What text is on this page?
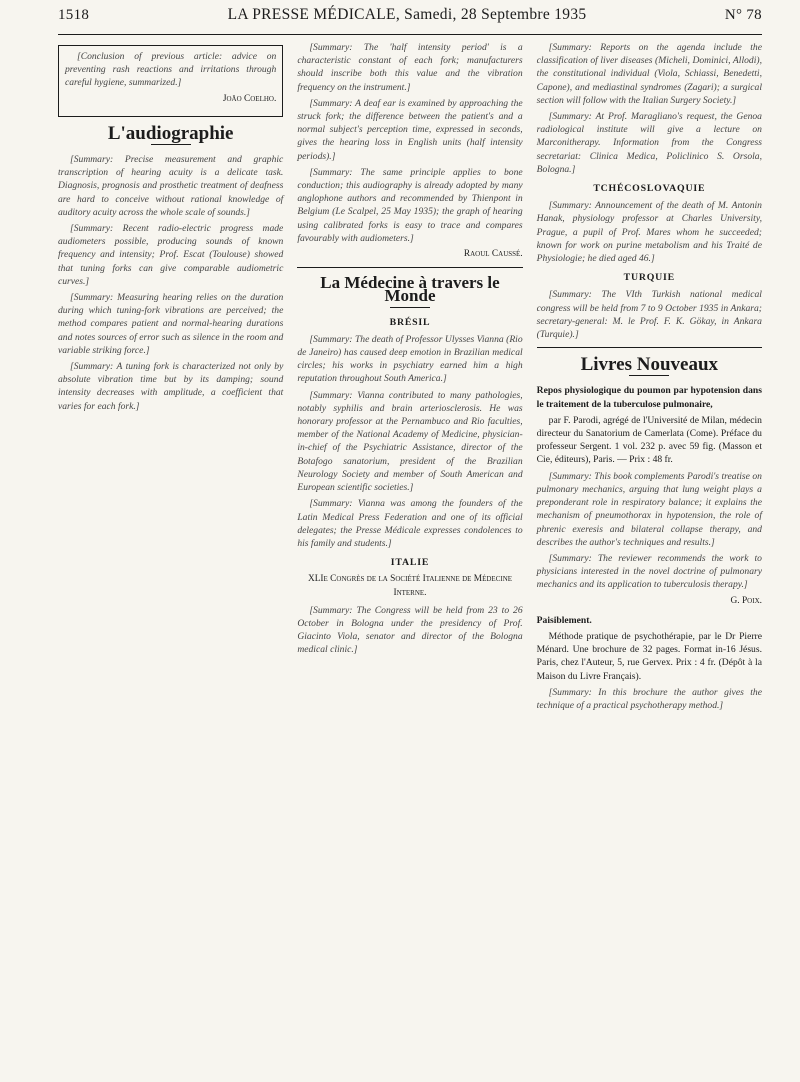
1518	LA PRESSE MÉDICALE, Samedi, 28 Septembre 1935	N° 78

[Conclusion of previous article: advice on preventing rash reactions and irritations through careful hygiene, summarized.]

João Coelho.
L'audiographie

[Summary: Precise measurement and graphic transcription of hearing acuity is a delicate task. Diagnosis, prognosis and prosthetic treatment of deafness are hard to conceive without rational knowledge of auditory acuity across the whole scale of sounds.]

[Summary: Recent radio-electric progress made audiometers possible, producing sounds of known frequency and intensity; Prof. Escat (Toulouse) showed that tuning forks can give comparable audiometric curves.]

[Summary: Measuring hearing relies on the duration during which tuning-fork vibrations are perceived; the method compares patient and normal-hearing durations and notes sources of error such as silence in the room and variable striking force.]

[Summary: A tuning fork is characterized not only by absolute vibration time but by its damping; sound intensity decreases with amplitude, a coefficient that varies for each fork.]

[Summary: The 'half intensity period' is a characteristic constant of each fork; manufacturers should inscribe both this value and the vibration frequency on the instrument.]

[Summary: A deaf ear is examined by approaching the struck fork; the difference between the patient's and a normal subject's perception time, expressed in seconds, gives the hearing loss in English units (half intensity periods).]

[Summary: The same principle applies to bone conduction; this audiography is already adopted by many anglophone authors and recommended by Thienpont in Belgium (Le Scalpel, 25 May 1935); the graph of hearing using calibrated forks is easy to trace and compares favourably with audiometers.]

Raoul Caussé.
La Médecine à travers le Monde
BRÉSIL

[Summary: The death of Professor Ulysses Vianna (Rio de Janeiro) has caused deep emotion in Brazilian medical circles; his works in psychiatry earned him a high reputation throughout South America.]

[Summary: Vianna contributed to many pathologies, notably syphilis and brain arteriosclerosis. He was honorary professor at the Pernambuco and Rio faculties, member of the National Academy of Medicine, physician-in-chief of the Psychiatric Assistance, director of the Botafogo sanatorium, president of the Brazilian Neurology Society and member of South American and European scientific societies.]

[Summary: Vianna was among the founders of the Latin Medical Press Federation and one of its official delegates; the Presse Médicale expresses condolences to his family and students.]

ITALIE
XLIe Congrès de la Société Italienne de Médecine Interne.

[Summary: The Congress will be held from 23 to 26 October in Bologna under the presidency of Prof. Giacinto Viola, senator and director of the Bologna medical clinic.]

[Summary: Reports on the agenda include the classification of liver diseases (Micheli, Dominici, Allodi), the constitutional individual (Viola, Schiassi, Benedetti, Capone), and mediastinal syndromes (Zagari); a surgical section will follow with the Italian Surgery Society.]

[Summary: At Prof. Maragliano's request, the Genoa radiological institute will give a lecture on Marconitherapy. Information from the Congress secretariat: Clinica Medica, Policlinico S. Orsola, Bologna.]

TCHÉCOSLOVAQUIE

[Summary: Announcement of the death of M. Antonin Hanak, physiology professor at Charles University, Prague, a pupil of Prof. Mares whom he succeeded; known for work on purine metabolism and his Traité de Physiologie; he died aged 46.]

TURQUIE

[Summary: The VIth Turkish national medical congress will be held from 7 to 9 October 1935 in Ankara; secretary-general: M. le Prof. F. K. Gökay, in Ankara (Turquie).]

Livres Nouveaux

Repos physiologique du poumon par hypotension dans le traitement de la tuberculose pulmonaire,

par F. Parodi, agrégé de l'Université de Milan, médecin directeur du Sanatorium de Camerlata (Come). Préface du professeur Sergent. 1 vol. 232 p. avec 59 fig. (Masson et Cie, éditeurs), Paris. — Prix : 48 fr.

[Summary: This book complements Parodi's treatise on pulmonary mechanics, arguing that lung weight plays a preponderant role in respiratory balance; it explains the mechanism of pneumothorax in hypotension, the role of phrenic exeresis and bilateral collapse therapy, and describes the author's techniques and results.]

[Summary: The reviewer recommends the work to physicians interested in the novel doctrine of pulmonary mechanics and its application to tuberculosis therapy.]

G. Poix.

Paisiblement.

Méthode pratique de psychothérapie, par le Dr Pierre Ménard. Une brochure de 32 pages. Format in-16 Jésus. Paris, chez l'Auteur, 5, rue Gervex. Prix : 4 fr. (Dépôt à la Maison du Livre Français).

[Summary: In this brochure the author gives the technique of a practical psychotherapy method.]
